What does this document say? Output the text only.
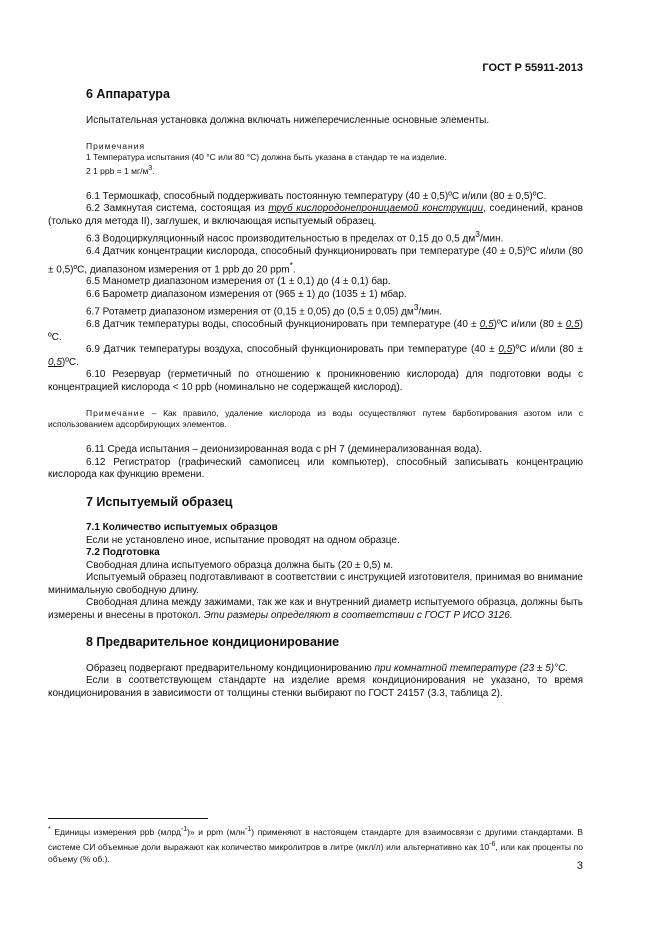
ГОСТ Р 55911-2013
6 Аппаратура

Испытательная установка должна включать нижеперечисленные основные элементы.

Примечания

1 Температура испытания (40 °С или 80 °С) должна быть указана в стандар те на изделие.

2 1 ppb = 1 $мг/м^3$.

6.1 Термошкаф, способный поддерживать постоянную температуру (40 ± 0,5)ºС и/или (80 ± 0,5)ºС.

6.2 Замкнутая система, состоящая из труб кислородонепроницаемой конструкции, соединений, кранов (только для метода II), заглушек, и включающая испытуемый образец.

6.3 Водоциркуляционный насос производительностью в пределах от 0,15 до 0,5 $дм^3$/мин.

6.4 Датчик концентрации кислорода, способный функционировать при температуре (40 ± 0,5)ºС и/или (80 ± 0,5)ºС, диапазоном измерения от 1 ppb до 20 ppm*.

6.5 Манометр диапазоном измерения от (1 ± 0,1) до (4 ± 0,1) бар.

6.6 Барометр диапазоном измерения от (965 ± 1) до (1035 ± 1) мбар.

6.7 Ротаметр диапазоном измерения от (0,15 ± 0,05) до (0,5 ± 0,05) $дм^3$/мин.

6.8 Датчик температуры воды, способный функционировать при температуре (40 ± 0,5)ºС и/или (80 ± 0,5) ºС.

6.9 Датчик температуры воздуха, способный функционировать при температуре (40 ± 0,5)ºС и/или (80 ± 0,5)ºС.

6.10 Резервуар (герметичный по отношению к проникновению кислорода) для подготовки воды с концентрацией кислорода < 10 ppb (номинально не содержащей кислород).

Примечание – Как правило, удаление кислорода из воды осуществляют путем барботирования азотом или с использованием адсорбирующих элементов.

6.11 Среда испытания – деионизированная вода с рН 7 (деминерализованная вода).

6.12 Регистратор (графический самописец или компьютер), способный записывать концентрацию кислорода как функцию времени.

7 Испытуемый образец
7.1 Количество испытуемых образцов

Если не установлено иное, испытание проводят на одном образце.

7.2 Подготовка

Свободная длина испытуемого образца должна быть (20 ± 0,5) м.

Испытуемый образец подготавливают в соответствии с инструкцией изготовителя, принимая во внимание минимальную свободную длину.

Свободная длина между зажимами, так же как и внутренний диаметр испытуемого образца, должны быть измерены и внесены в протокол. Эти размеры определяют в соответствии с ГОСТ Р ИСО 3126.

8 Предварительное кондиционирование

Образец подвергают предварительному кондиционированию при комнатной температуре (23 ± 5)°С.

Если в соответствующем стандарте на изделие время кондиционирования не указано, то время кондиционирования в зависимости от толщины стенки выбирают по ГОСТ 24157 (3.3, таблица 2).

* Единицы измерения ppb (млрд$^{-1}$)» и ppm (млн$^{-1}$) применяют в настоящем стандарте для взаимосвязи с другими стандартами. В системе СИ объемные доли выражают как количество микролитров в литре (мкл/л) или альтернативно как $10^{-6}$, или как проценты по объему (% об.).
3
